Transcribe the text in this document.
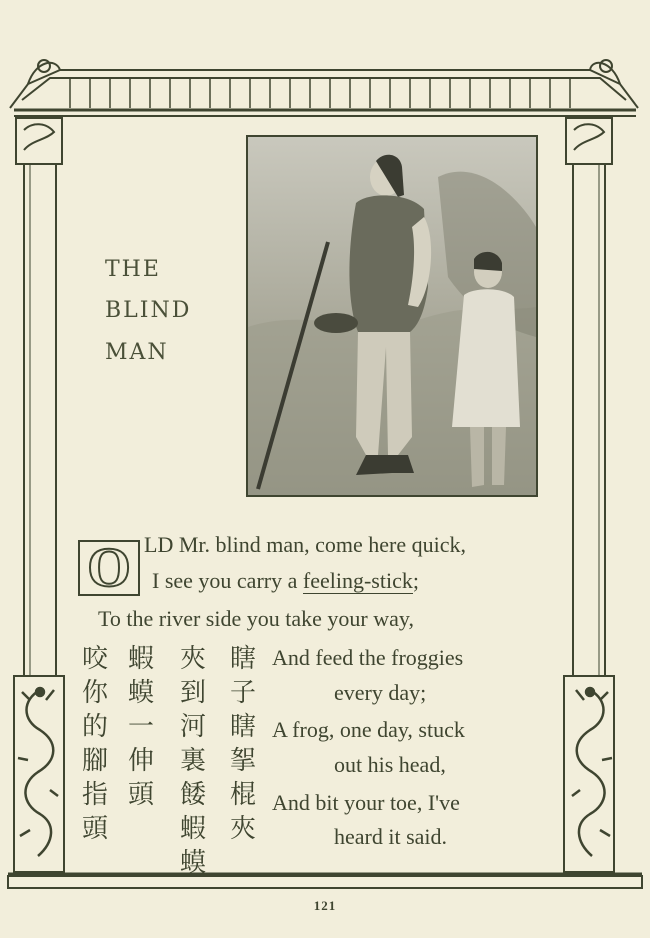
THE
BLIND
MAN
O LD Mr. blind man, come here quick,
I see you carry a feeling-stick;
To the river side you take your way,
And feed the froggies
every day;
A frog, one day, stuck
out his head,
And bit your toe, I've
heard it said.
瞎子瞎挐棍夾
夾到河裏餧蝦蟆
蝦蟆一伸頭
咬你的腳指頭
121
